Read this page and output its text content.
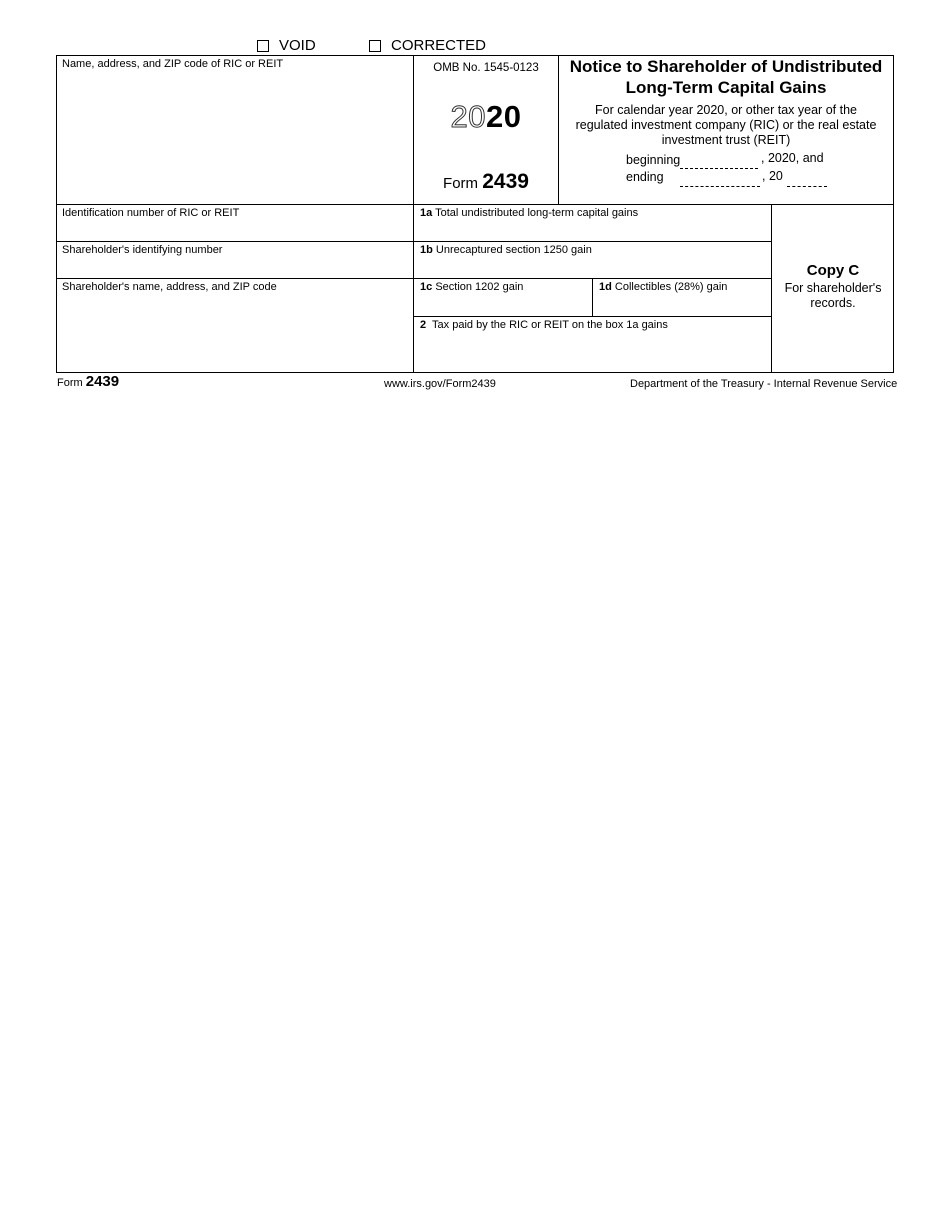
VOID	CORRECTED
Name, address, and ZIP code of RIC or REIT
Identification number of RIC or REIT
Shareholder's identifying number
Shareholder's name, address, and ZIP code
OMB No. 1545-0123
2020
Form 2439
Notice to Shareholder of Undistributed Long-Term Capital Gains
For calendar year 2020, or other tax year of the regulated investment company (RIC) or the real estate investment trust (REIT)
beginning	, 2020, and
ending	, 20
1a Total undistributed long-term capital gains
1b Unrecaptured section 1250 gain
1c Section 1202 gain	1d Collectibles (28%) gain
2 Tax paid by the RIC or REIT on the box 1a gains
Copy C
For shareholder's records.
Form 2439	www.irs.gov/Form2439	Department of the Treasury - Internal Revenue Service
